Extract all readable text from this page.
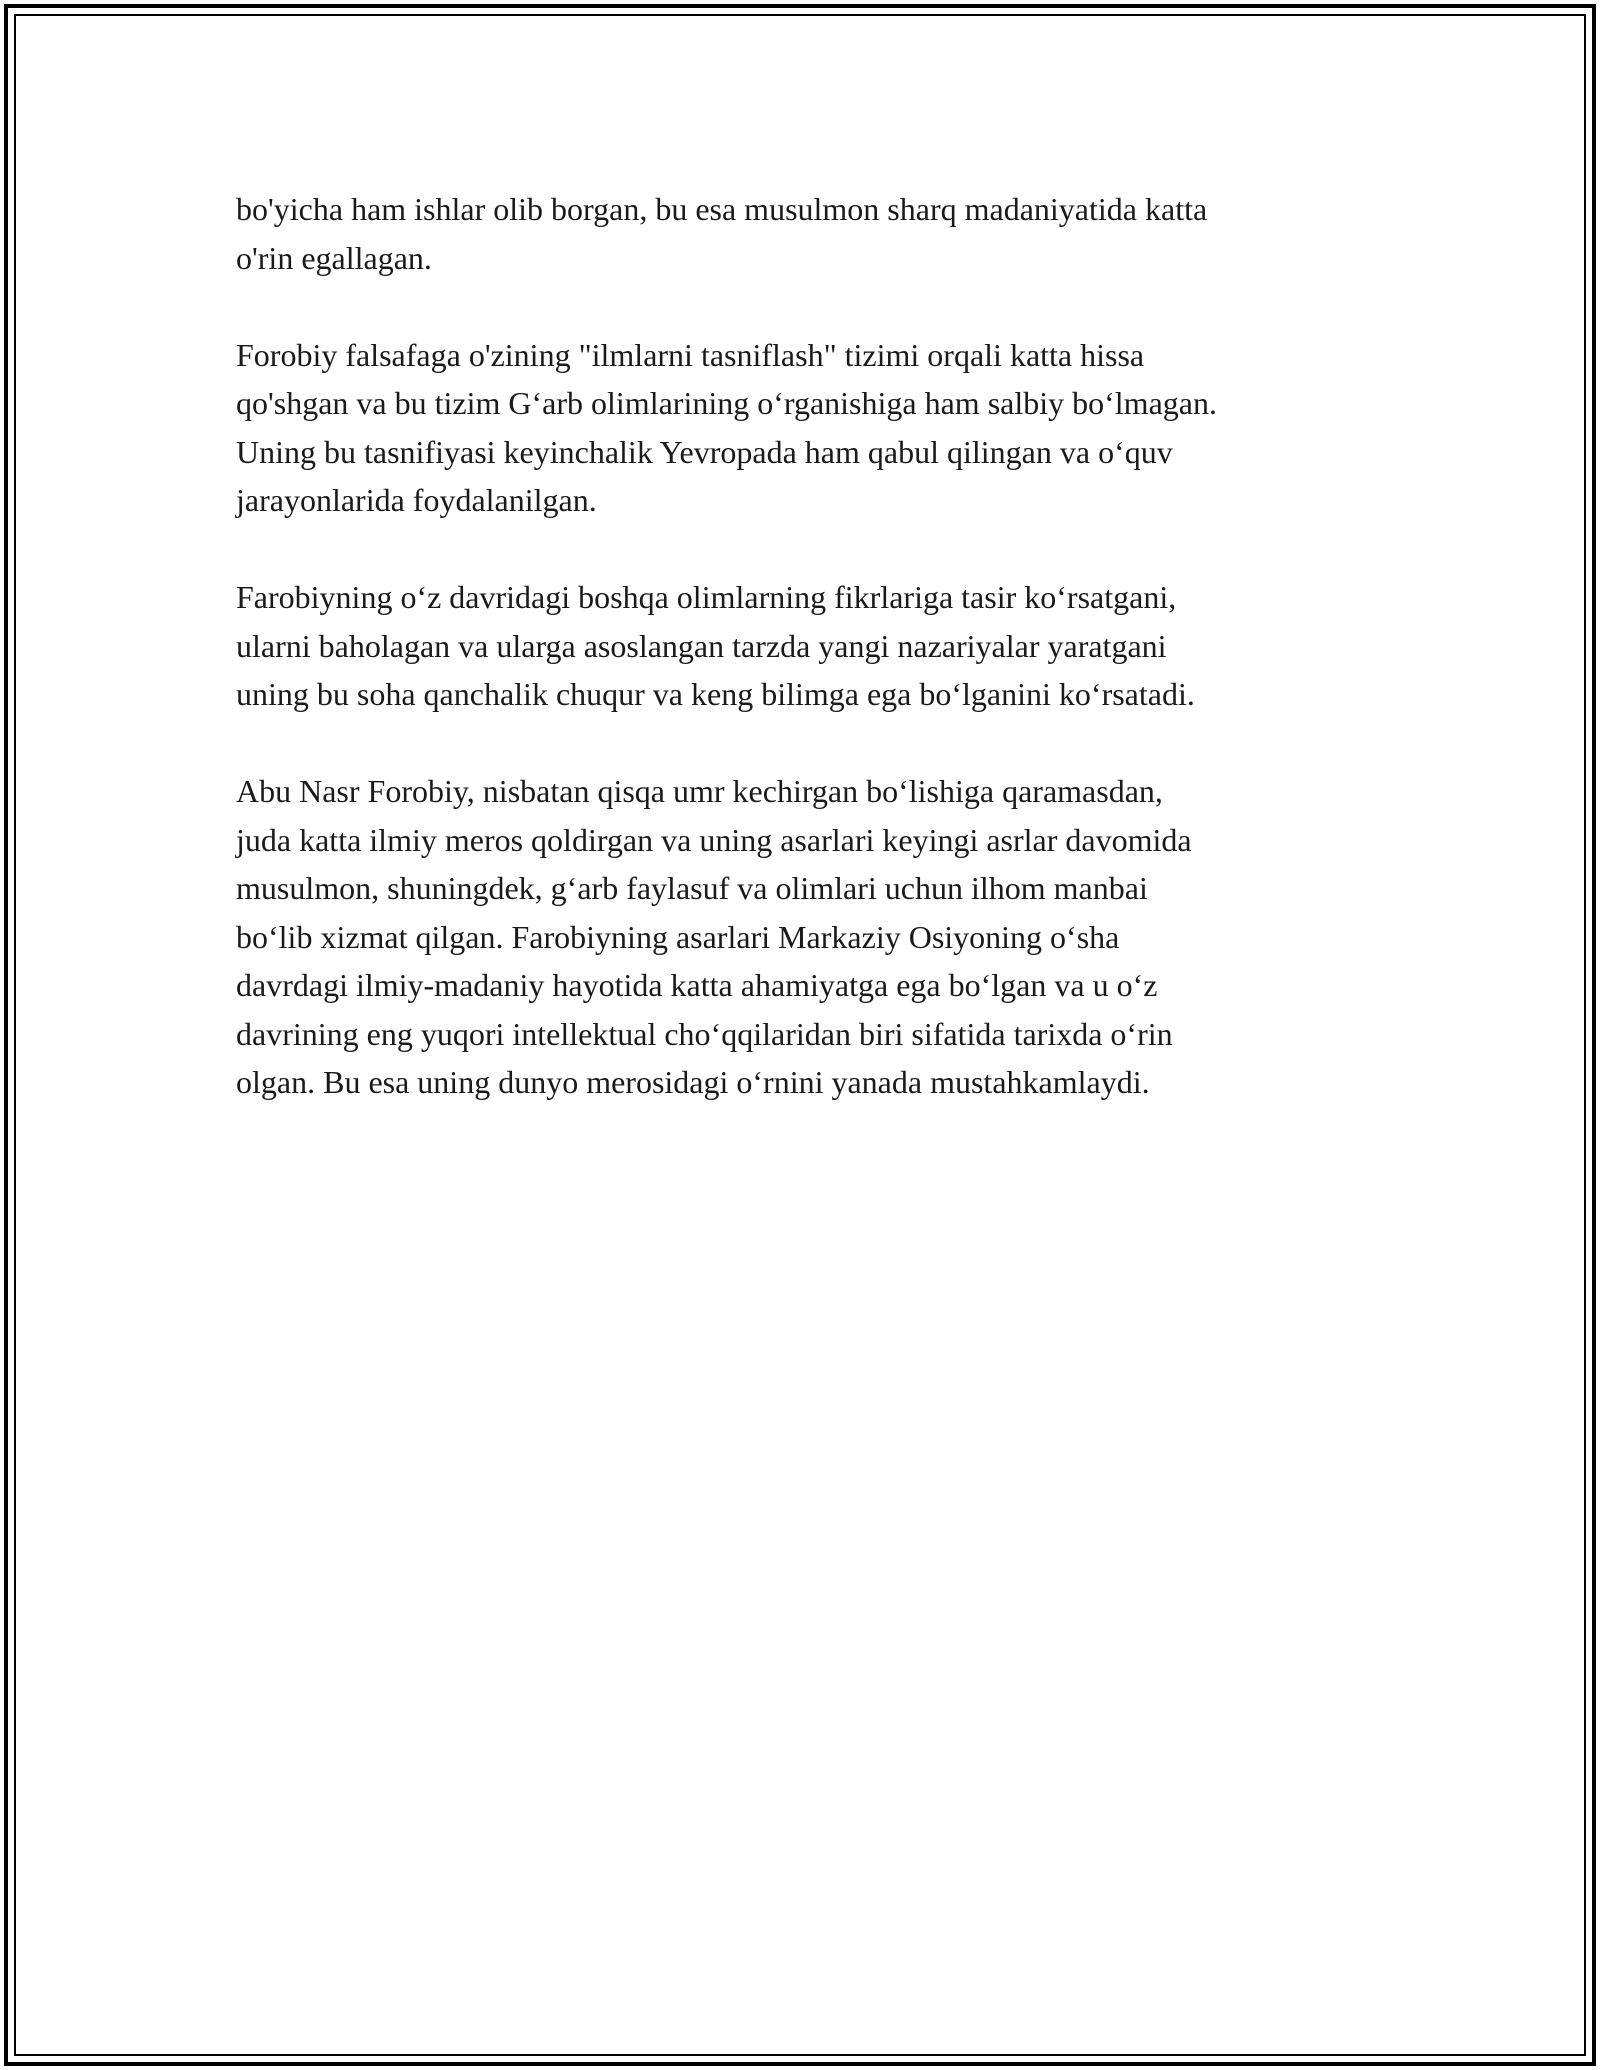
bo'yicha ham ishlar olib borgan, bu esa musulmon sharq madaniyatida katta
o'rin egallagan.

Forobiy falsafaga o'zining "ilmlarni tasniflash" tizimi orqali katta hissa
qo'shgan va bu tizim G‘arb olimlarining o‘rganishiga ham salbiy bo‘lmagan.
Uning bu tasnifiyasi keyinchalik Yevropada ham qabul qilingan va o‘quv
jarayonlarida foydalanilgan.

Farobiyning o‘z davridagi boshqa olimlarning fikrlariga tasir ko‘rsatgani,
ularni baholagan va ularga asoslangan tarzda yangi nazariyalar yaratgani
uning bu soha qanchalik chuqur va keng bilimga ega bo‘lganini ko‘rsatadi.

Abu Nasr Forobiy, nisbatan qisqa umr kechirgan bo‘lishiga qaramasdan,
juda katta ilmiy meros qoldirgan va uning asarlari keyingi asrlar davomida
musulmon, shuningdek, g‘arb faylasuf va olimlari uchun ilhom manbai
bo‘lib xizmat qilgan. Farobiyning asarlari Markaziy Osiyoning o‘sha
davrdagi ilmiy-madaniy hayotida katta ahamiyatga ega bo‘lgan va u o‘z
davrining eng yuqori intellektual cho‘qqilaridan biri sifatida tarixda o‘rin
olgan. Bu esa uning dunyo merosidagi o‘rnini yanada mustahkamlaydi.
